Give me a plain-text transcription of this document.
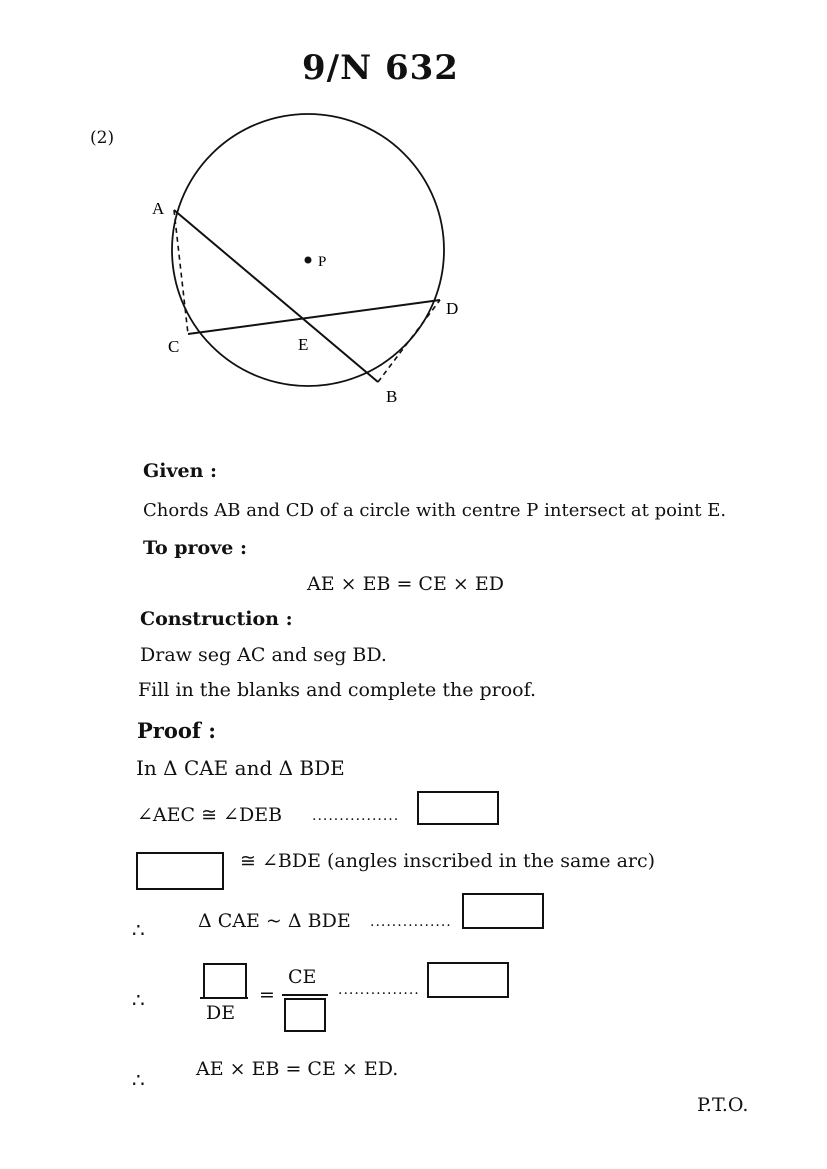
9/N 632
(2)
A
C	E
D
B
P
Given :
Chords AB and CD of a circle with centre P intersect at point E.
To prove :
AE × EB = CE × ED
Construction :
Draw seg AC and seg BD.
Fill in the blanks and complete the proof.
Proof :
In Δ CAE and Δ BDE
∠AEC ≅ ∠DEB ................
≅ ∠BDE (angles inscribed in the same arc)
∴	Δ CAE ~ Δ BDE ...............
∴
DE
=
CE
...............
∴	AE × EB = CE × ED.
P.T.O.
